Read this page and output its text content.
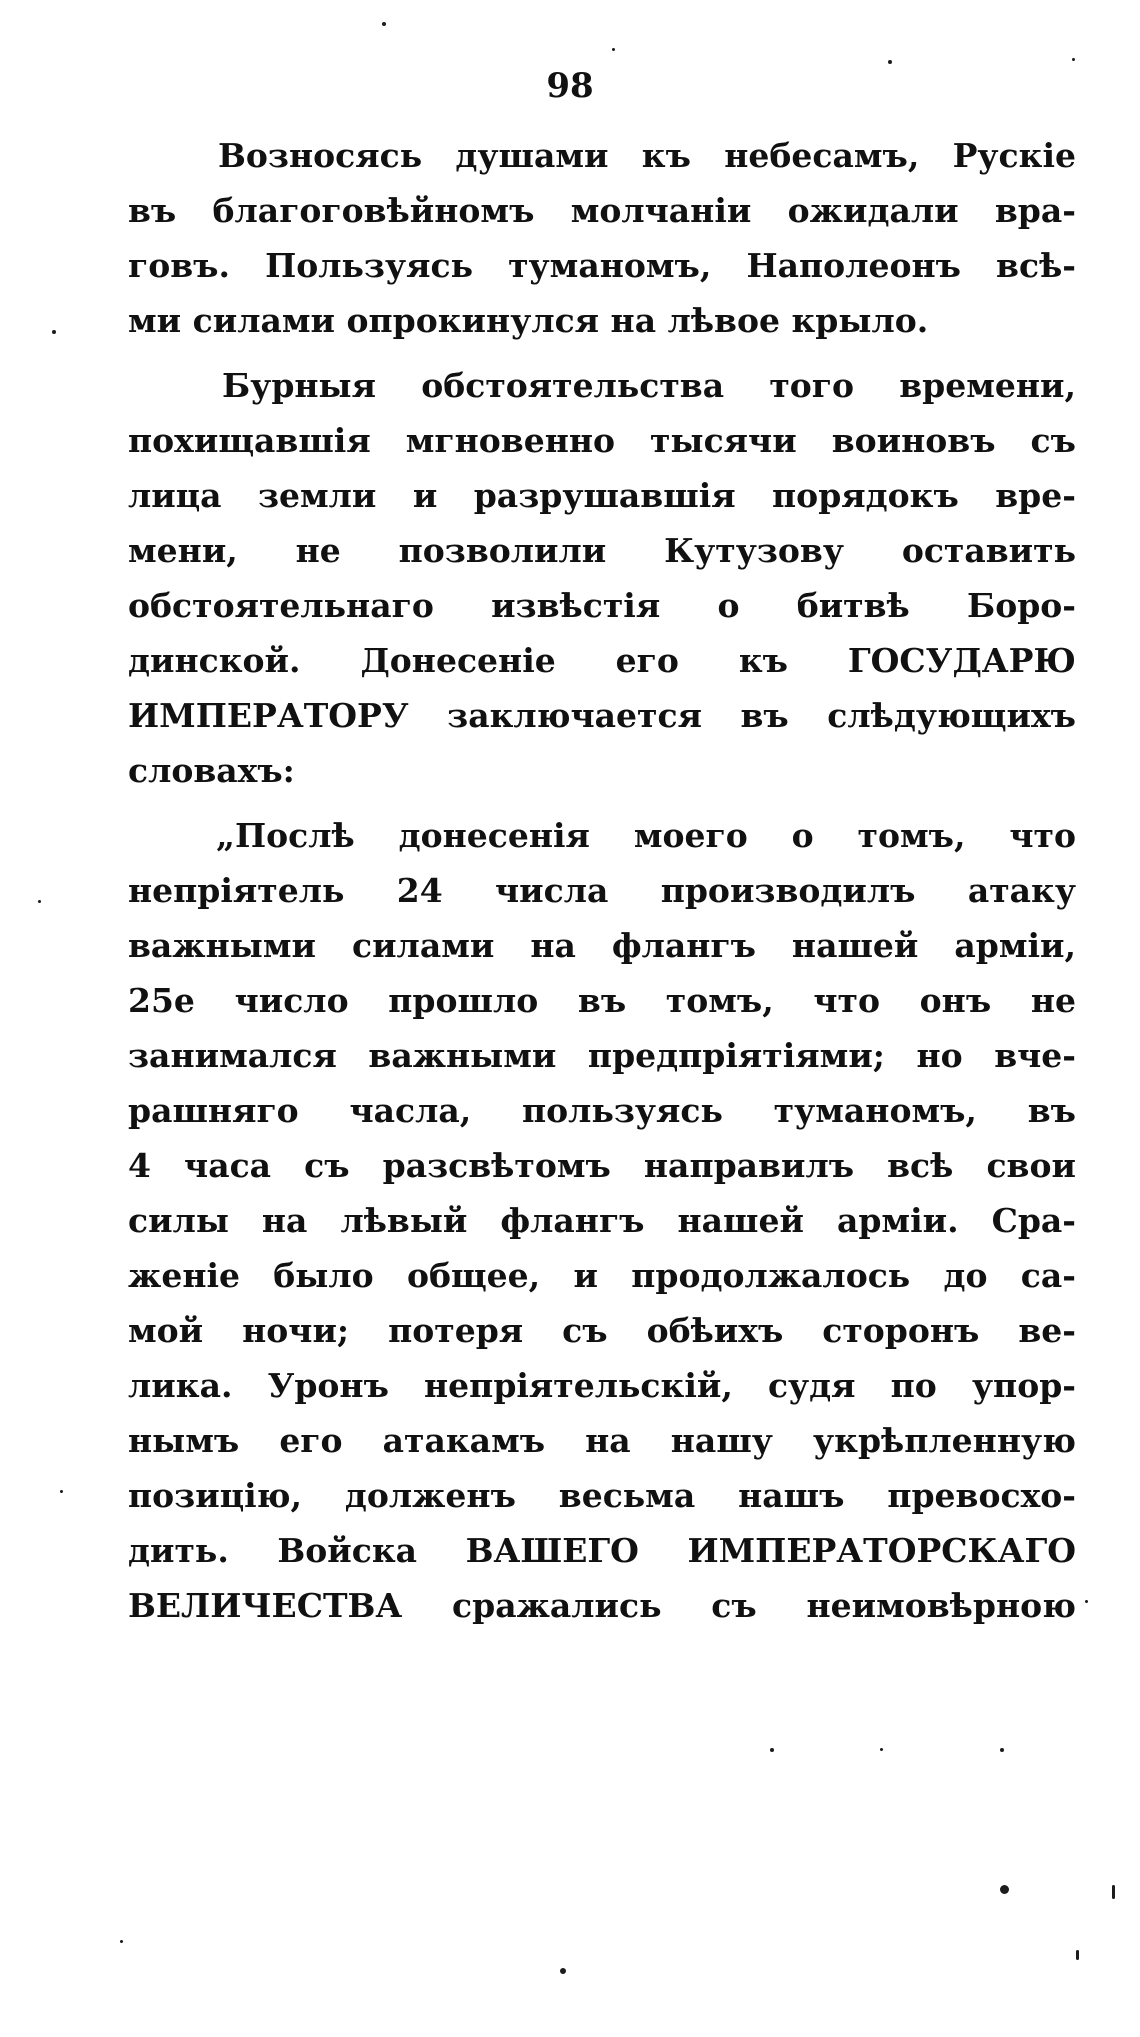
98
Возносясь душами къ небесамъ, Рускіе
въ благоговѣйномъ молчаніи ожидали вра-
говъ. Пользуясь туманомъ, Наполеонъ всѣ-
ми силами опрокинулся на лѣвое крыло.
Бурныя обстоятельства того времени,
похищавшія мгновенно тысячи воиновъ съ
лица земли и разрушавшія порядокъ вре-
мени, не позволили Кутузову оставить
обстоятельнаго извѣстія о битвѣ Боро-
динской. Донесеніе его къ ГОСУДАРЮ
ИМПЕРАТОРУ заключается въ слѣдующихъ
словахъ:
„Послѣ донесенія моего о томъ, что
непріятель 24 числа производилъ атаку
важными силами на флангъ нашей арміи,
25е число прошло въ томъ, что онъ не
занимался важными предпріятіями; но вче-
рашняго часла, пользуясь туманомъ, въ
4 часа съ разсвѣтомъ направилъ всѣ свои
силы на лѣвый флангъ нашей арміи. Сра-
женіе было общее, и продолжалось до са-
мой ночи; потеря съ обѣихъ сторонъ ве-
лика. Уронъ непріятельскій, судя по упор-
нымъ его атакамъ на нашу укрѣпленную
позицію, долженъ весьма нашъ превосхо-
дить. Войска ВАШЕГО ИМПЕРАТОРСКАГО
ВЕЛИЧЕСТВА сражались съ неимовѣрною
